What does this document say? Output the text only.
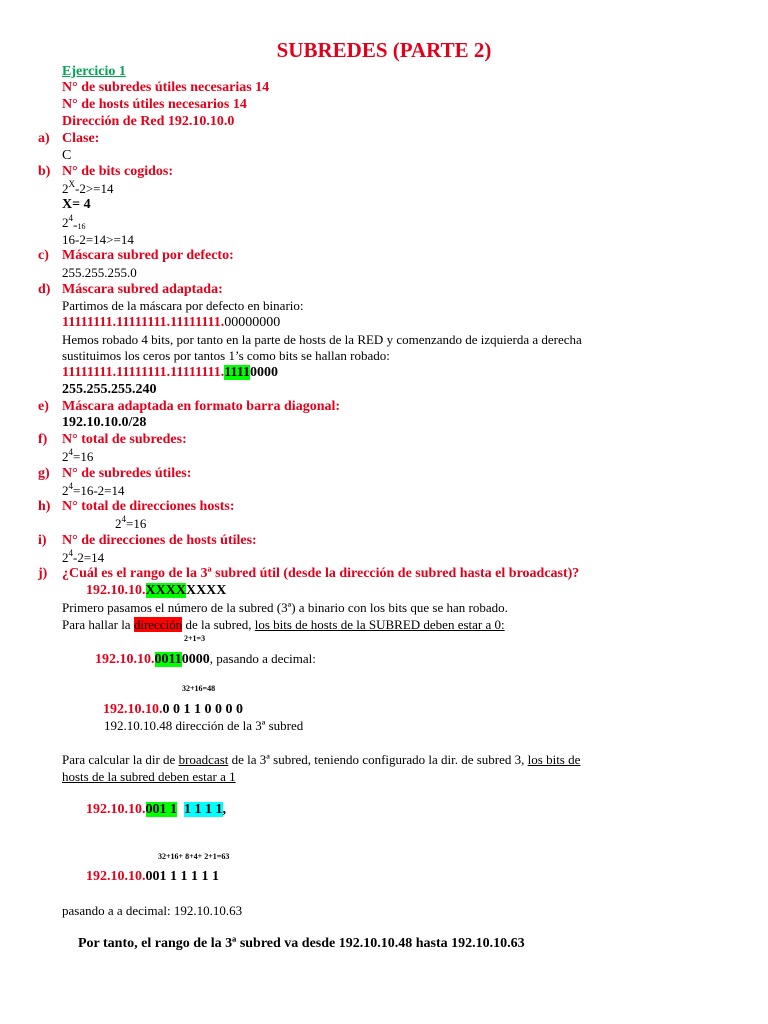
SUBREDES (PARTE 2)
Ejercicio 1
N° de subredes útiles necesarias 14
N° de hosts útiles necesarios 14
Dirección de Red 192.10.10.0
a) Clase:
C
b) N° de bits cogidos:
$2^X-2>=14$
X= 4
$2^4=16$
16-2=14>=14
c) Máscara subred por defecto:
255.255.255.0
d) Máscara subred adaptada:
Partimos de la máscara por defecto en binario:
11111111.11111111.11111111.00000000
Hemos robado 4 bits, por tanto en la parte de hosts de la RED y comenzando de izquierda a derecha
sustituimos los ceros por tantos 1’s como bits se hallan robado:
11111111.11111111.11111111.11110000
255.255.255.240
e) Máscara adaptada en formato barra diagonal:
192.10.10.0/28
f) N° total de subredes:
$2^4=16$
g) N° de subredes útiles:
$2^4=16-2=14$
h) N° total de direcciones hosts:
$2^4=16$
i) N° de direcciones de hosts útiles:
$2^4-2=14$
j) ¿Cuál es el rango de la 3ª subred útil (desde la dirección de subred hasta el broadcast)?
192.10.10.XXXXXXXX
Primero pasamos el número de la subred (3ª) a binario con los bits que se han robado.
Para hallar la dirección de la subred, los bits de hosts de la SUBRED deben estar a 0:
2+1=3
192.10.10.00110000, pasando a decimal:
32+16=48
192.10.10.0 0 1 1 0 0 0 0
192.10.10.48 dirección de la 3ª subred
Para calcular la dir de broadcast de la 3ª subred, teniendo configurado la dir. de subred 3, los bits de
hosts de la subred deben estar a 1
192.10.10.001 1 1 1 1 1,
32+16+ 8+4+ 2+1=63
192.10.10.001 1 1 1 1 1
pasando a a decimal: 192.10.10.63
Por tanto, el rango de la 3ª subred va desde 192.10.10.48 hasta 192.10.10.63
